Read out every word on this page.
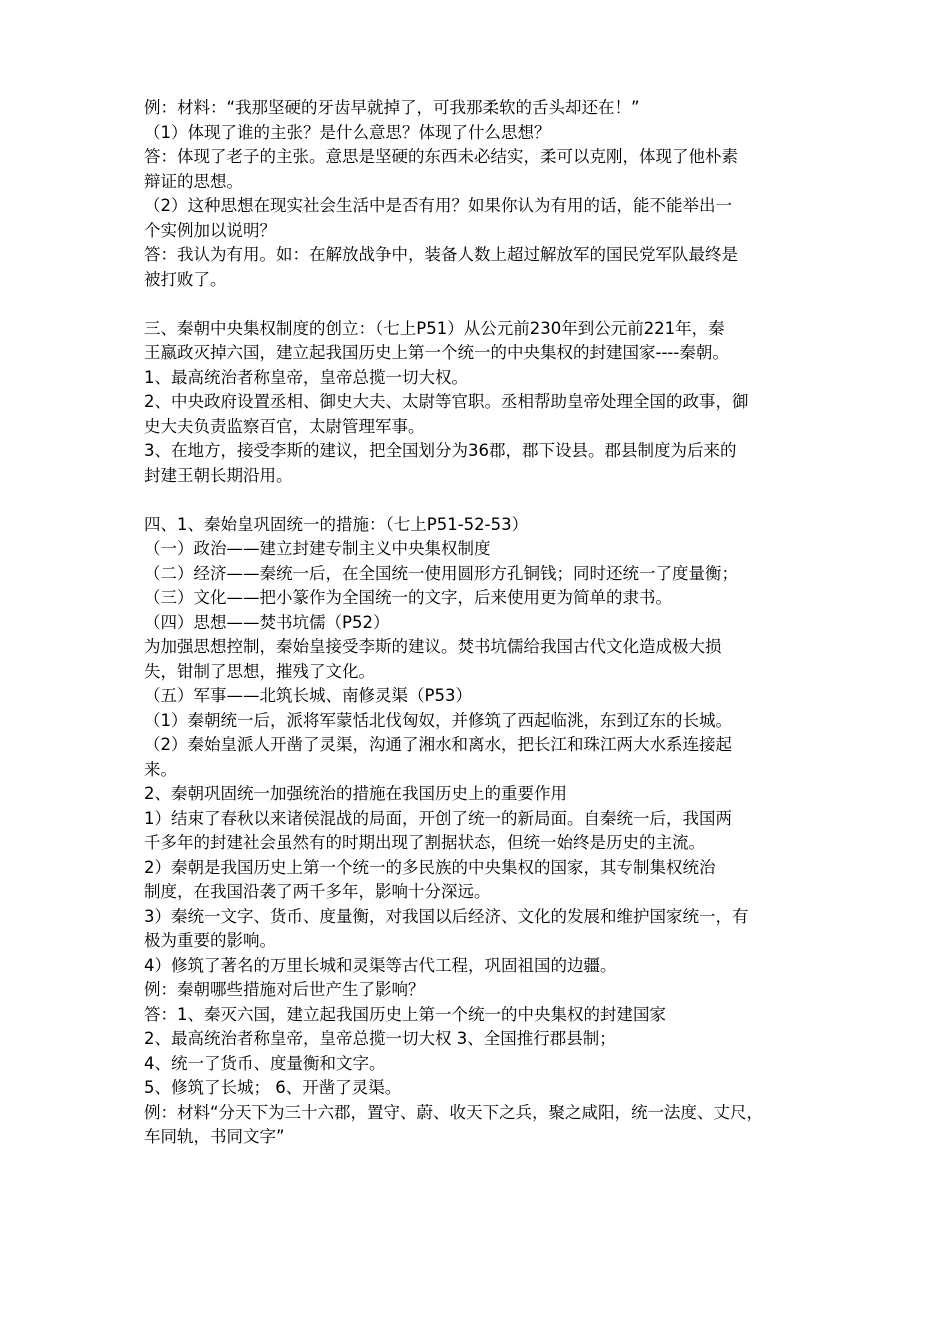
例：材料：“我那坚硬的牙齿早就掉了，可我那柔软的舌头却还在！”
（1）体现了谁的主张？是什么意思？体现了什么思想？
答：体现了老子的主张。意思是坚硬的东西未必结实，柔可以克刚，体现了他朴素
辩证的思想。
（2）这种思想在现实社会生活中是否有用？如果你认为有用的话，能不能举出一
个实例加以说明？
答：我认为有用。如：在解放战争中，装备人数上超过解放军的国民党军队最终是
被打败了。
三、秦朝中央集权制度的创立：（七上P51）从公元前230年到公元前221年，秦
王嬴政灭掉六国，建立起我国历史上第一个统一的中央集权的封建国家----秦朝。
1、最高统治者称皇帝，皇帝总揽一切大权。
2、中央政府设置丞相、御史大夫、太尉等官职。丞相帮助皇帝处理全国的政事，御
史大夫负责监察百官，太尉管理军事。
3、在地方，接受李斯的建议，把全国划分为36郡，郡下设县。郡县制度为后来的
封建王朝长期沿用。
四、1、秦始皇巩固统一的措施：（七上P51-52-53）
（一）政治——建立封建专制主义中央集权制度
（二）经济——秦统一后，在全国统一使用圆形方孔铜钱；同时还统一了度量衡；
（三）文化——把小篆作为全国统一的文字，后来使用更为简单的隶书。
（四）思想——焚书坑儒（P52）
为加强思想控制，秦始皇接受李斯的建议。焚书坑儒给我国古代文化造成极大损
失，钳制了思想，摧残了文化。
（五）军事——北筑长城、南修灵渠（P53）
（1）秦朝统一后，派将军蒙恬北伐匈奴，并修筑了西起临洮，东到辽东的长城。
（2）秦始皇派人开凿了灵渠，沟通了湘水和离水，把长江和珠江两大水系连接起
来。
2、秦朝巩固统一加强统治的措施在我国历史上的重要作用
1）结束了春秋以来诸侯混战的局面，开创了统一的新局面。自秦统一后，我国两
千多年的封建社会虽然有的时期出现了割据状态，但统一始终是历史的主流。
2）秦朝是我国历史上第一个统一的多民族的中央集权的国家，其专制集权统治
制度，在我国沿袭了两千多年，影响十分深远。
3）秦统一文字、货币、度量衡，对我国以后经济、文化的发展和维护国家统一，有
极为重要的影响。
4）修筑了著名的万里长城和灵渠等古代工程，巩固祖国的边疆。
例：秦朝哪些措施对后世产生了影响？
答：1、秦灭六国，建立起我国历史上第一个统一的中央集权的封建国家
2、最高统治者称皇帝，皇帝总揽一切大权 3、全国推行郡县制；
4、统一了货币、度量衡和文字。
5、修筑了长城； 6、开凿了灵渠。
例：材料“分天下为三十六郡，置守、蔚、收天下之兵，聚之咸阳，统一法度、丈尺，
车同轨，书同文字”
